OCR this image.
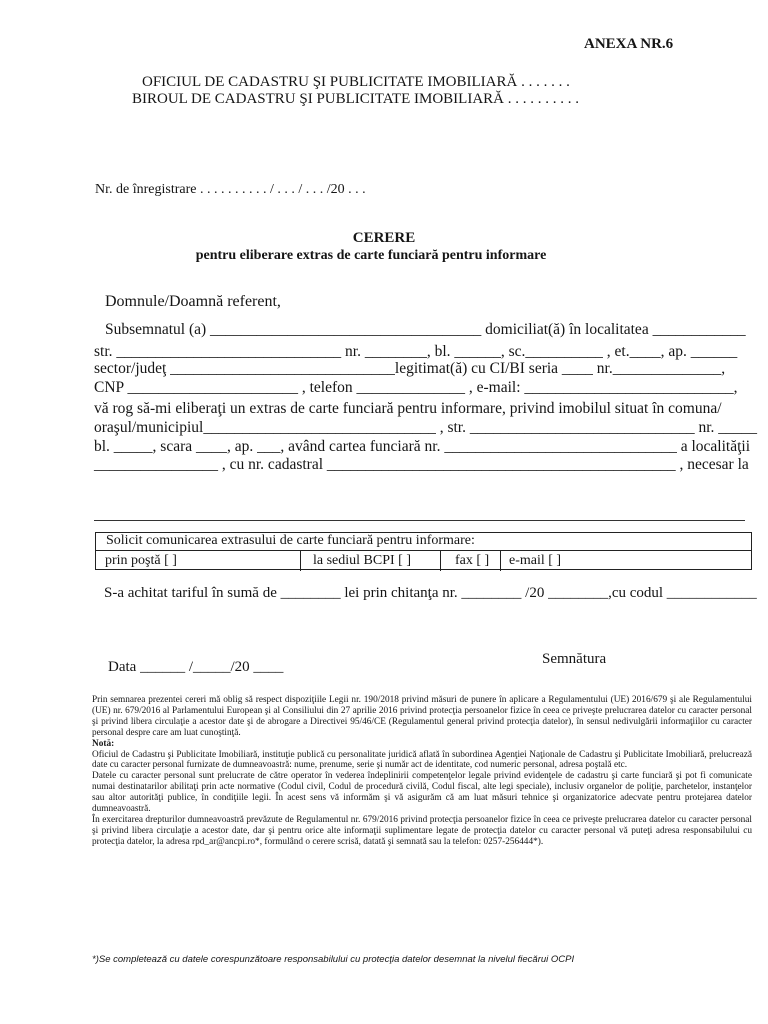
ANEXA NR.6
OFICIUL DE CADASTRU ŞI PUBLICITATE IMOBILIARĂ . . . . . . .
BIROUL DE CADASTRU ŞI PUBLICITATE IMOBILIARĂ . . . . . . . . . .
Nr. de înregistrare . . . . . . . . . . / . . . / . . . /20 . . .
CERERE
pentru eliberare extras de carte funciară pentru informare
Domnule/Doamnă referent,
Subsemnatul (a) ___________________________________ domiciliat(ă) în localitatea ____________
str. _____________________________ nr. ________, bl. ______, sc.__________ , et.____, ap. ______
sector/judeţ _____________________________legitimat(ă) cu CI/BI seria ____ nr.______________,
CNP ______________________ , telefon ______________ , e-mail: ___________________________,
vă rog să-mi eliberaţi un extras de carte funciară pentru informare, privind imobilul situat în comuna/
oraşul/municipiul______________________________ , str. _____________________________ nr. _____
bl. _____, scara ____, ap. ___, având cartea funciară nr. ______________________________ a localităţii
________________ , cu nr. cadastral _____________________________________________ , necesar la
Solicit comunicarea extrasului de carte funciară pentru informare:
prin poştă [ ]	la sediul BCPI [ ]	fax [ ]	e-mail [ ]
S-a achitat tariful în sumă de ________ lei prin chitanţa nr. ________ /20 ________,cu codul ____________
Semnătura
Data ______ /_____/20 ____

Prin semnarea prezentei cereri mă oblig să respect dispoziţiile Legii nr. 190/2018 privind măsuri de punere în aplicare a Regulamentului (UE) 2016/679 şi ale Regulamentului (UE) nr. 679/2016 al Parlamentului European şi al Consiliului din 27 aprilie 2016 privind protecţia persoanelor fizice în ceea ce priveşte prelucrarea datelor cu caracter personal şi privind libera circulaţie a acestor date şi de abrogare a Directivei 95/46/CE (Regulamentul general privind protecţia datelor), în sensul nedivulgării informaţiilor cu caracter personal despre care am luat cunoştinţă.

Notă:

Oficiul de Cadastru şi Publicitate Imobiliară, instituţie publică cu personalitate juridică aflată în subordinea Agenţiei Naţionale de Cadastru şi Publicitate Imobiliară, prelucrează date cu caracter personal furnizate de dumneavoastră: nume, prenume, serie şi număr act de identitate, cod numeric personal, adresa poştală etc.

Datele cu caracter personal sunt prelucrate de către operator în vederea îndeplinirii competenţelor legale privind evidenţele de cadastru şi carte funciară şi pot fi comunicate numai destinatarilor abilitaţi prin acte normative (Codul civil, Codul de procedură civilă, Codul fiscal, alte legi speciale), inclusiv organelor de poliţie, parchetelor, instanţelor sau altor autorităţi publice, în condiţiile legii. În acest sens vă informăm şi vă asigurăm că am luat măsuri tehnice şi organizatorice adecvate pentru protejarea datelor dumneavoastră.

În exercitarea drepturilor dumneavoastră prevăzute de Regulamentul nr. 679/2016 privind protecţia persoanelor fizice în ceea ce priveşte prelucrarea datelor cu caracter personal şi privind libera circulaţie a acestor date, dar şi pentru orice alte informaţii suplimentare legate de protecţia datelor cu caracter personal vă puteţi adresa responsabilului cu protecţia datelor, la adresa rpd_ar@ancpi.ro*, formulând o cerere scrisă, datată şi semnată sau la telefon: 0257-256444*).

*)Se completează cu datele corespunzătoare responsabilului cu protecţia datelor desemnat la nivelul fiecărui OCPI
